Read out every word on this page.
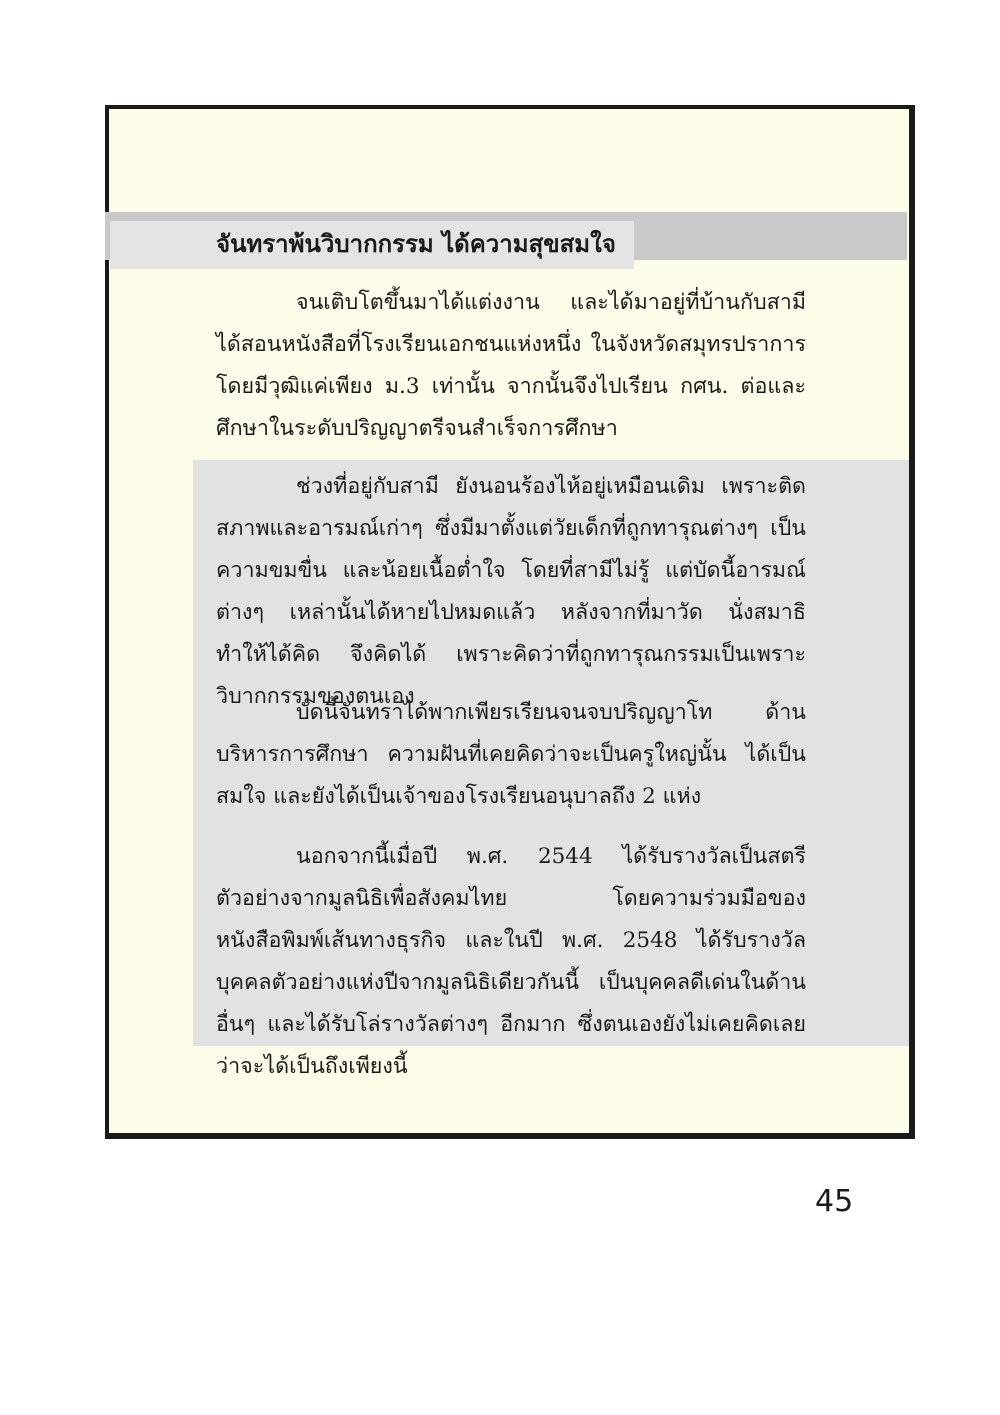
จันทราพ้นวิบากกรรม ได้ความสุขสมใจ

จนเติบโตขึ้นมาได้แต่งงาน และได้มาอยู่ที่บ้านกับสามี ได้สอนหนังสือที่โรงเรียนเอกชนแห่งหนึ่ง ในจังหวัดสมุทรปราการ โดยมีวุฒิแค่เพียง ม.3 เท่านั้น จากนั้นจึงไปเรียน กศน. ต่อและศึกษาในระดับปริญญาตรีจนสำเร็จการศึกษา

ช่วงที่อยู่กับสามี ยังนอนร้องไห้อยู่เหมือนเดิม เพราะติดสภาพและอารมณ์เก่าๆ ซึ่งมีมาตั้งแต่วัยเด็กที่ถูกทารุณต่างๆ เป็นความขมขื่น และน้อยเนื้อต่ำใจ โดยที่สามีไม่รู้ แต่บัดนี้อารมณ์ต่างๆ เหล่านั้นได้หายไปหมดแล้ว หลังจากที่มาวัด นั่งสมาธิ ทำให้ได้คิด จึงคิดได้ เพราะคิดว่าที่ถูกทารุณกรรมเป็นเพราะวิบากกรรมของตนเอง

บัดนี้จันทราได้พากเพียรเรียนจนจบปริญญาโท ด้านบริหารการศึกษา ความฝันที่เคยคิดว่าจะเป็นครูใหญ่นั้น ได้เป็นสมใจ และยังได้เป็นเจ้าของโรงเรียนอนุบาลถึง 2 แห่ง

นอกจากนี้เมื่อปี พ.ศ. 2544 ได้รับรางวัลเป็นสตรีตัวอย่างจากมูลนิธิเพื่อสังคมไทย โดยความร่วมมือของหนังสือพิมพ์เส้นทางธุรกิจ และในปี พ.ศ. 2548 ได้รับรางวัลบุคคลตัวอย่างแห่งปีจากมูลนิธิเดียวกันนี้ เป็นบุคคลดีเด่นในด้านอื่นๆ และได้รับโล่รางวัลต่างๆ อีกมาก ซึ่งตนเองยังไม่เคยคิดเลยว่าจะได้เป็นถึงเพียงนี้

45
